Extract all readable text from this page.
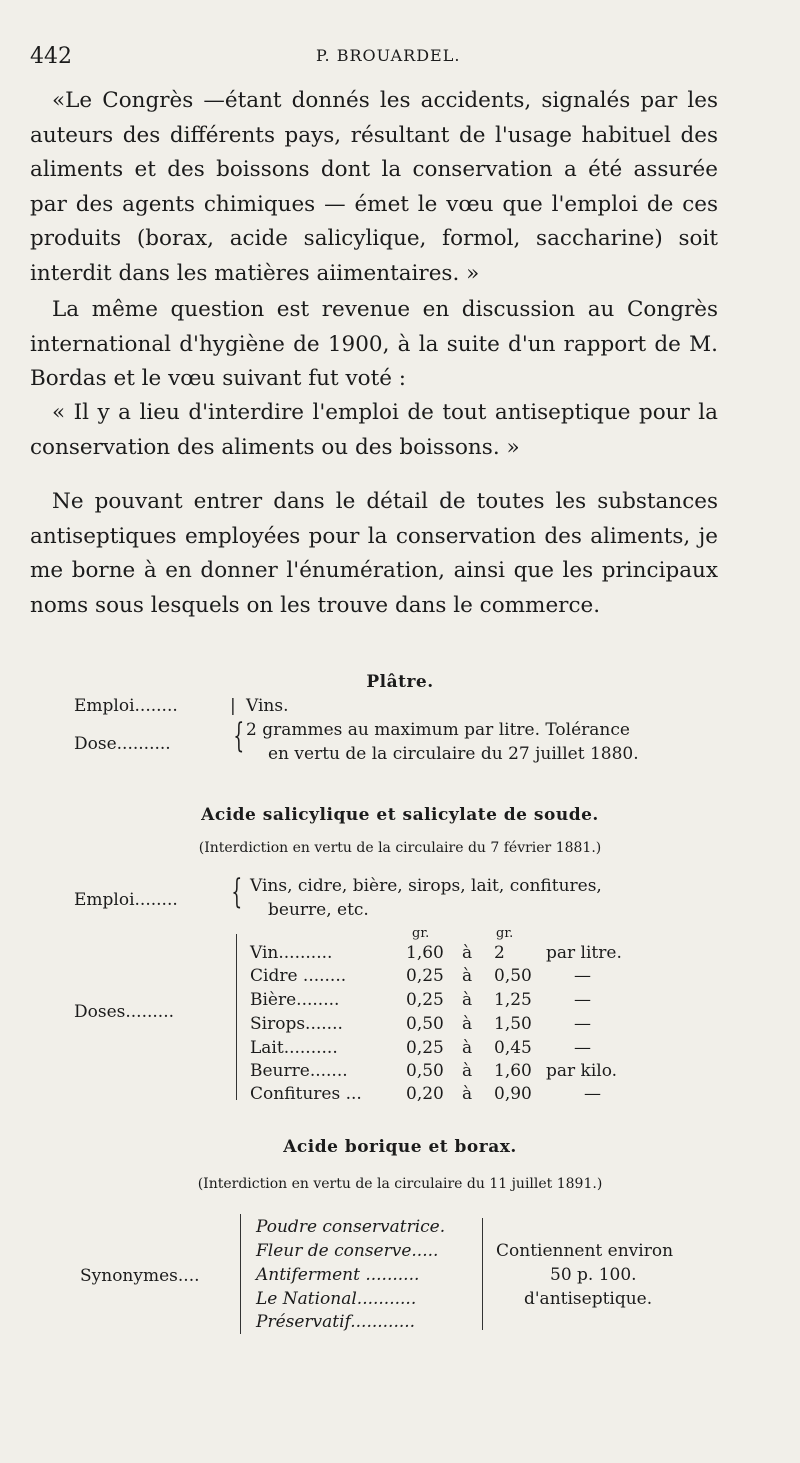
442	P. BROUARDEL.
«Le Congrès —étant donnés les accidents, signalés par les auteurs des différents pays, résultant de l'usage habituel des aliments et des boissons dont la conservation a été assurée par des agents chimiques — émet le vœu que l'emploi de ces produits (borax, acide salicylique, formol, saccharine) soit interdit dans les matières aiimentaires. »
La même question est revenue en discussion au Congrès international d'hygiène de 1900, à la suite d'un rapport de M. Bordas et le vœu suivant fut voté :
« Il y a lieu d'interdire l'emploi de tout antiseptique pour la conservation des aliments ou des boissons. »
Ne pouvant entrer dans le détail de toutes les substances antiseptiques employées pour la conservation des aliments, je me borne à en donner l'énumération, ainsi que les principaux noms sous lesquels on les trouve dans le commerce.
Plâtre.
Emploi........	| Vins.
Dose.......... { 2 grammes au maximum par litre. Tolérance
en vertu de la circulaire du 27 juillet 1880.
Acide salicylique et salicylate de soude.
(Interdiction en vertu de la circulaire du 7 février 1881.)
Emploi........ { Vins, cidre, bière, sirops, lait, confitures,
beurre, etc.
gr.	gr.
Doses.........
Vin..........	1,60 à 2 par litre.
Cidre ........	0,25 à 0,50 —
Bière........	0,25 à 1,25 —
Sirops.......	0,50 à 1,50 —
Lait..........	0,25 à 0,45 —
Beurre.......	0,50 à 1,60 par kilo.
Confitures ...	0,20 à 0,90	—
Acide borique et borax.
(Interdiction en vertu de la circulaire du 11 juillet 1891.)
Synonymes....
Poudre conservatrice.
Fleur de conserve.....
Antiferment ..........
Le National...........
Préservatif............
Contiennent environ
50 p. 100.
d'antiseptique.
